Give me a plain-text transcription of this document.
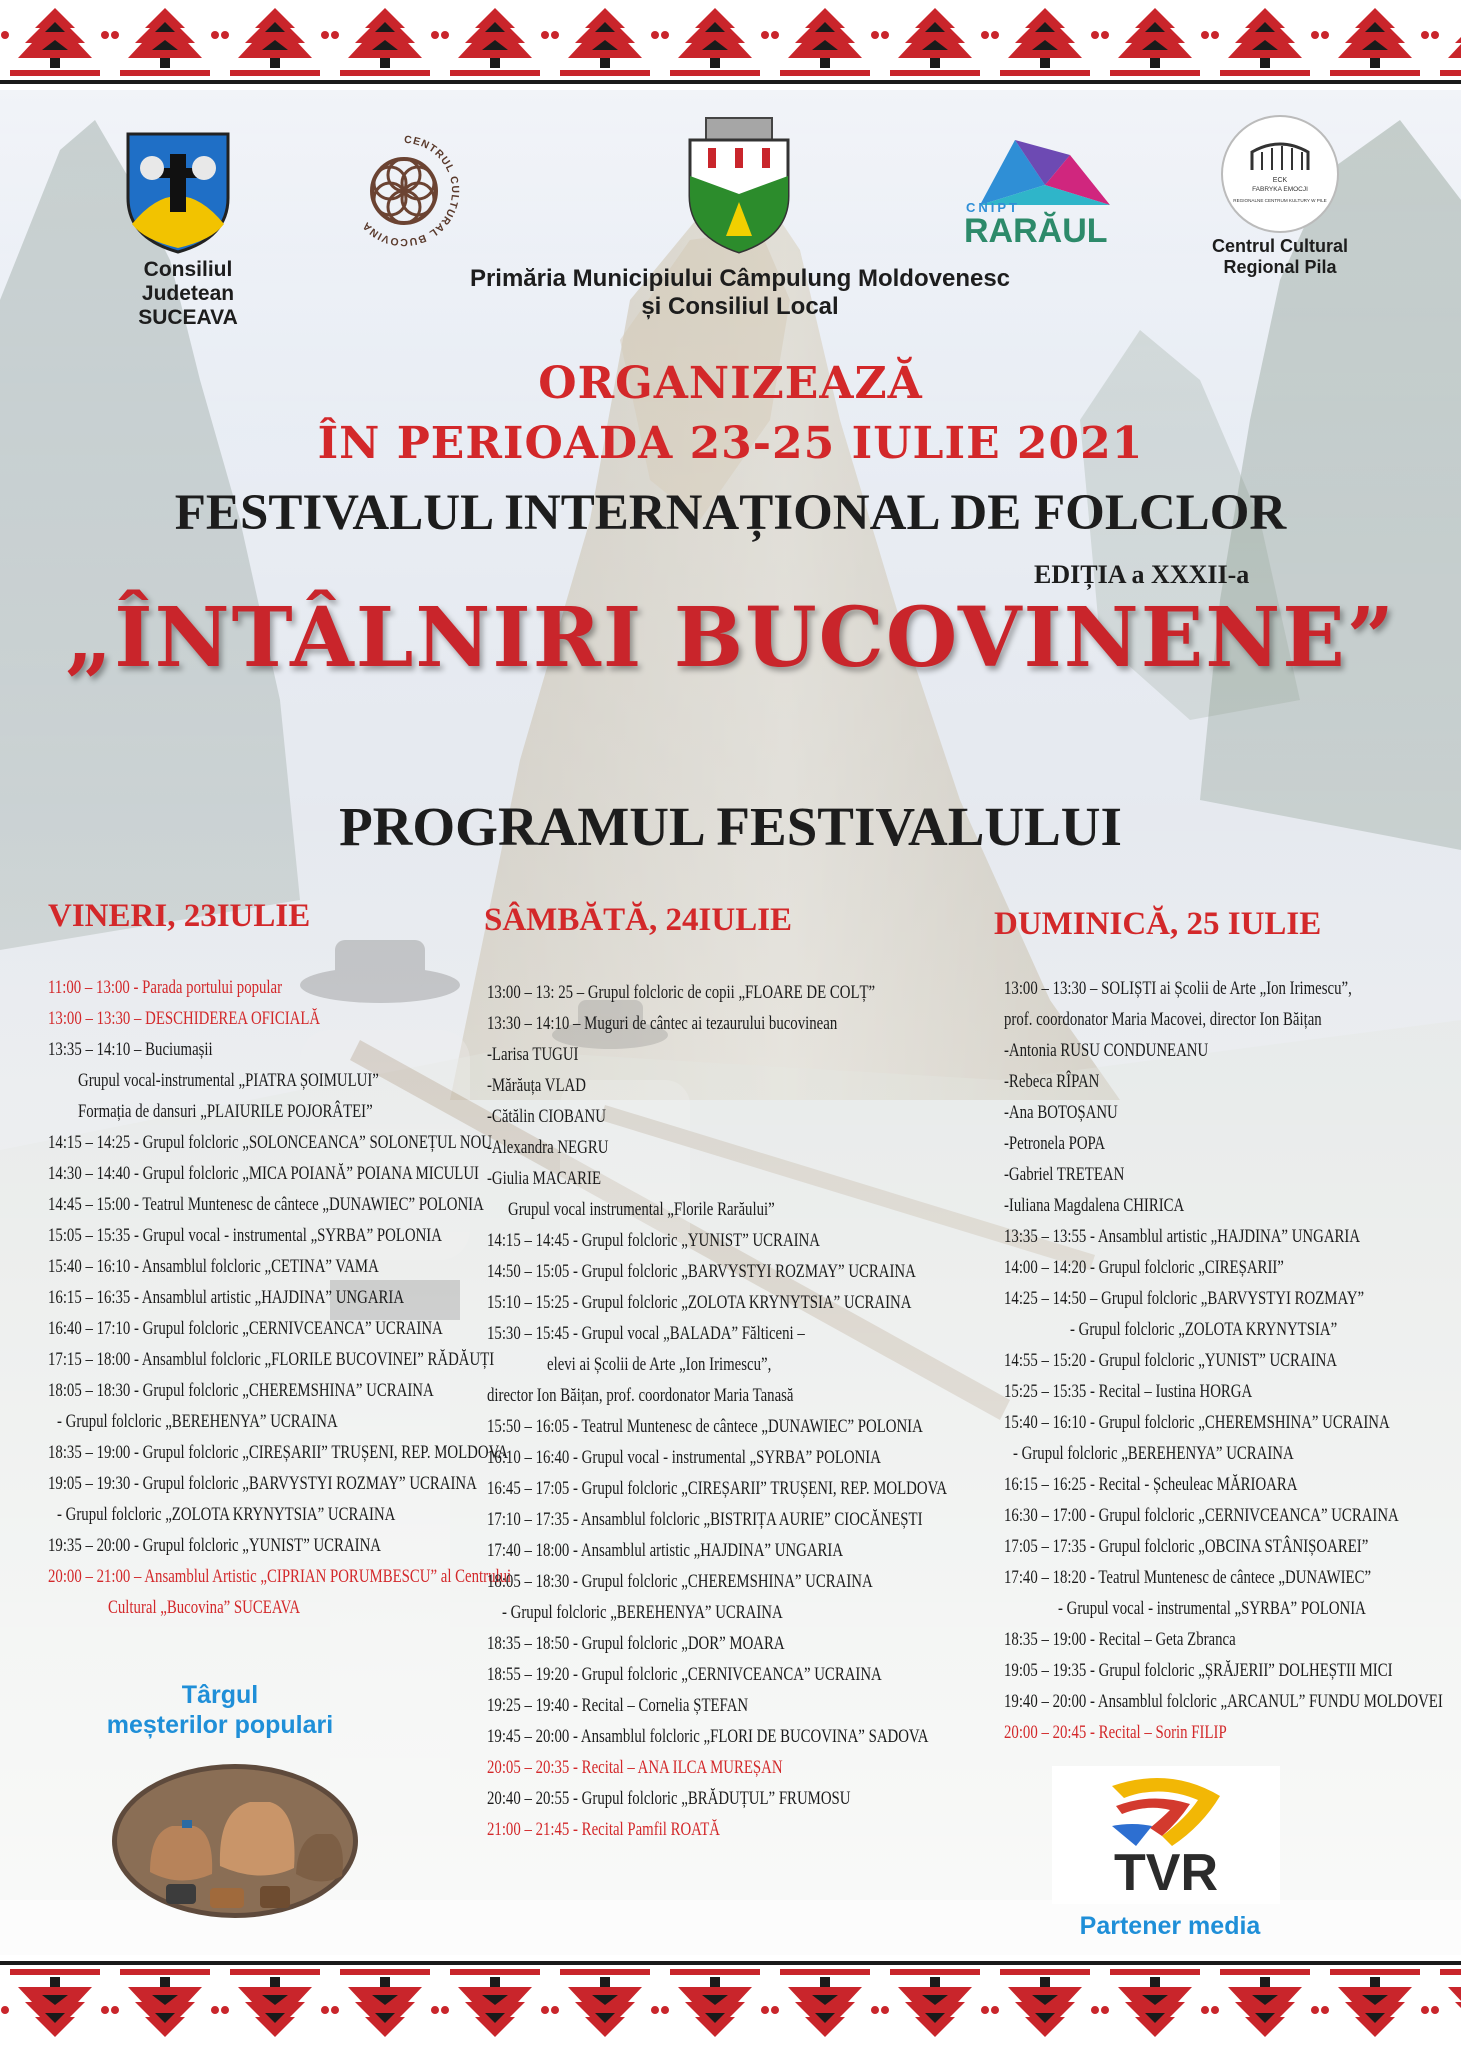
Consiliul
Judetean
SUCEAVA
CENTRUL CULTURAL BUCOVINA
Primăria Municipiului Câmpulung Moldovenesc
și Consiliul Local
CNIPT
RARĂUL
ECK
FABRYKA EMOCJI
REGIONALNE CENTRUM KULTURY W PILE
Centrul Cultural
Regional Pila
ORGANIZEAZĂ
ÎN PERIOADA 23-25 IULIE 2021
FESTIVALUL INTERNAȚIONAL DE FOLCLOR
EDIȚIA a XXXII-a
„ÎNTÂLNIRI BUCOVINENE”
PROGRAMUL FESTIVALULUI
VINERI, 23IULIE	SÂMBĂTĂ, 24IULIE	DUMINICĂ, 25 IULIE
11:00 – 13:00 - Parada portului popular
13:00 – 13:30 – DESCHIDEREA OFICIALĂ
13:35 – 14:10 – Buciumașii
Grupul vocal-instrumental „PIATRA ȘOIMULUI”
Formația de dansuri „PLAIURILE POJORÂTEI”
14:15 – 14:25 - Grupul folcloric „SOLONCEANCA” SOLONEȚUL NOU
14:30 – 14:40 - Grupul folcloric „MICA POIANĂ” POIANA MICULUI
14:45 – 15:00 - Teatrul Muntenesc de cântece „DUNAWIEC” POLONIA
15:05 – 15:35 - Grupul vocal - instrumental „SYRBA” POLONIA
15:40 – 16:10 - Ansamblul folcloric „CETINA” VAMA
16:15 – 16:35 - Ansamblul artistic „HAJDINA” UNGARIA
16:40 – 17:10 - Grupul folcloric „CERNIVCEANCA” UCRAINA
17:15 – 18:00 - Ansamblul folcloric „FLORILE BUCOVINEI” RĂDĂUȚI
18:05 – 18:30 - Grupul folcloric „CHEREMSHINA” UCRAINA
- Grupul folcloric „BEREHENYA” UCRAINA
18:35 – 19:00 - Grupul folcloric „CIREȘARII” TRUȘENI, REP. MOLDOVA
19:05 – 19:30 - Grupul folcloric „BARVYSTYI ROZMAY” UCRAINA
- Grupul folcloric „ZOLOTA KRYNYTSIA” UCRAINA
19:35 – 20:00 - Grupul folcloric „YUNIST” UCRAINA
20:00 – 21:00 – Ansamblul Artistic „CIPRIAN PORUMBESCU” al Centrului
Cultural „Bucovina” SUCEAVA
13:00 – 13: 25 – Grupul folcloric de copii „FLOARE DE COLȚ”
13:30 – 14:10 – Muguri de cântec ai tezaurului bucovinean
-Larisa TUGUI
-Mărăuța VLAD
-Cătălin CIOBANU
-Alexandra NEGRU
-Giulia MACARIE
Grupul vocal instrumental „Florile Rarăului”
14:15 – 14:45 - Grupul folcloric „YUNIST” UCRAINA
14:50 – 15:05 - Grupul folcloric „BARVYSTYI ROZMAY” UCRAINA
15:10 – 15:25 - Grupul folcloric „ZOLOTA KRYNYTSIA” UCRAINA
15:30 – 15:45 - Grupul vocal „BALADA” Fălticeni –
elevi ai Școlii de Arte „Ion Irimescu”,
director Ion Băițan, prof. coordonator Maria Tanasă
15:50 – 16:05 - Teatrul Muntenesc de cântece „DUNAWIEC” POLONIA
16:10 – 16:40 - Grupul vocal - instrumental „SYRBA” POLONIA
16:45 – 17:05 - Grupul folcloric „CIREȘARII” TRUȘENI, REP. MOLDOVA
17:10 – 17:35 - Ansamblul folcloric „BISTRIȚA AURIE” CIOCĂNEȘTI
17:40 – 18:00 - Ansamblul artistic „HAJDINA” UNGARIA
18:05 – 18:30 - Grupul folcloric „CHEREMSHINA” UCRAINA
- Grupul folcloric „BEREHENYA” UCRAINA
18:35 – 18:50 - Grupul folcloric „DOR” MOARA
18:55 – 19:20 - Grupul folcloric „CERNIVCEANCA” UCRAINA
19:25 – 19:40 - Recital – Cornelia ȘTEFAN
19:45 – 20:00 - Ansamblul folcloric „FLORI DE BUCOVINA” SADOVA
20:05 – 20:35 - Recital – ANA ILCA MUREȘAN
20:40 – 20:55 - Grupul folcloric „BRĂDUȚUL” FRUMOSU
21:00 – 21:45 - Recital Pamfil ROATĂ
13:00 – 13:30 – SOLIȘTI ai Școlii de Arte „Ion Irimescu”,
prof. coordonator Maria Macovei, director Ion Băițan
-Antonia RUSU CONDUNEANU
-Rebeca RÎPAN
-Ana BOTOȘANU
-Petronela POPA
-Gabriel TRETEAN
-Iuliana Magdalena CHIRICA
13:35 – 13:55 - Ansamblul artistic „HAJDINA” UNGARIA
14:00 – 14:20 - Grupul folcloric „CIREȘARII”
14:25 – 14:50 – Grupul folcloric „BARVYSTYI ROZMAY”
- Grupul folcloric „ZOLOTA KRYNYTSIA”
14:55 – 15:20 - Grupul folcloric „YUNIST” UCRAINA
15:25 – 15:35 - Recital – Iustina HORGA
15:40 – 16:10 - Grupul folcloric „CHEREMSHINA” UCRAINA
- Grupul folcloric „BEREHENYA” UCRAINA
16:15 – 16:25 - Recital - Șcheuleac MĂRIOARA
16:30 – 17:00 - Grupul folcloric „CERNIVCEANCA” UCRAINA
17:05 – 17:35 - Grupul folcloric „OBCINA STÂNIȘOAREI”
17:40 – 18:20 - Teatrul Muntenesc de cântece „DUNAWIEC”
- Grupul vocal - instrumental „SYRBA” POLONIA
18:35 – 19:00 - Recital – Geta Zbranca
19:05 – 19:35 - Grupul folcloric „ȘRĂJERII” DOLHEȘTII MICI
19:40 – 20:00 - Ansamblul folcloric „ARCANUL” FUNDU MOLDOVEI
20:00 – 20:45 - Recital – Sorin FILIP
Târgul
meșterilor populari
TVR
Partener media
